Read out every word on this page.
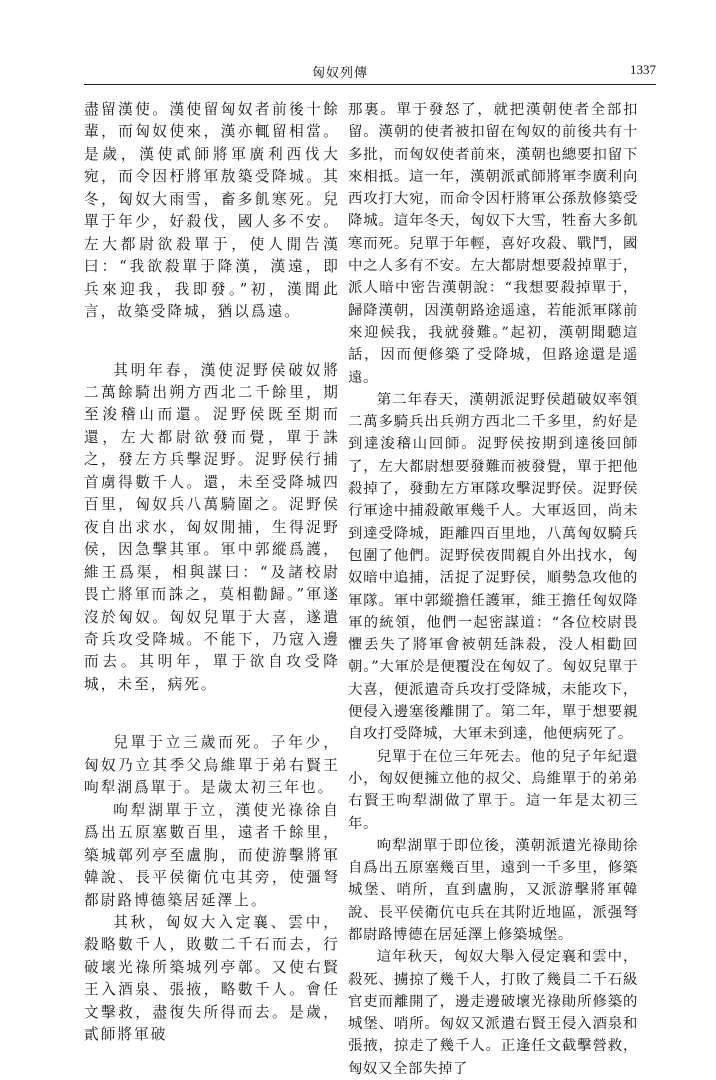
匈奴列傳	1337

盡留漢使。漢使留匈奴者前後十餘輩，而匈奴使來，漢亦輒留相當。是歲，漢使貳師將軍廣利西伐大宛，而令因杅將軍敖築受降城。其冬，匈奴大雨雪，畜多飢寒死。兒單于年少，好殺伐，國人多不安。左大都尉欲殺單于，使人閒告漢曰：“我欲殺單于降漢，漢遠，即兵來迎我，我即發。”初，漢聞此言，故築受降城，猶以爲遠。

其明年春，漢使浞野侯破奴將二萬餘騎出朔方西北二千餘里，期至浚稽山而還。浞野侯既至期而還，左大都尉欲發而覺，單于誅之，發左方兵擊浞野。浞野侯行捕首虜得數千人。還，未至受降城四百里，匈奴兵八萬騎圍之。浞野侯夜自出求水，匈奴閒捕，生得浞野侯，因急擊其軍。軍中郭縱爲護，維王爲渠，相與謀曰：“及諸校尉畏亡將軍而誅之，莫相勸歸。”軍遂沒於匈奴。匈奴兒單于大喜，遂遣奇兵攻受降城。不能下，乃寇入邊而去。其明年，單于欲自攻受降城，未至，病死。

兒單于立三歲而死。子年少，匈奴乃立其季父烏維單于弟右賢王呴犁湖爲單于。是歲太初三年也。

呴犁湖單于立，漢使光祿徐自爲出五原塞數百里，遠者千餘里，築城鄣列亭至盧朐，而使游擊將軍韓說、長平侯衛伉屯其旁，使彊弩都尉路博德築居延澤上。

其秋，匈奴大入定襄、雲中，殺略數千人，敗數二千石而去，行破壞光祿所築城列亭鄣。又使右賢王入酒泉、張掖，略數千人。會任文擊救，盡復失所得而去。是歲，貳師將軍破

那裏。單于發怒了，就把漢朝使者全部扣留。漢朝的使者被扣留在匈奴的前後共有十多批，而匈奴使者前來，漢朝也總要扣留下來相抵。這一年，漢朝派貳師將軍李廣利向西攻打大宛，而命令因杅將軍公孫敖修築受降城。這年冬天，匈奴下大雪，牲畜大多飢寒而死。兒單于年輕，喜好攻殺、戰鬥，國中之人多有不安。左大都尉想要殺掉單于，派人暗中密告漢朝說：“我想要殺掉單于，歸降漢朝，因漢朝路途遥遠，若能派軍隊前來迎候我，我就發難。”起初，漢朝聞聽這話，因而便修築了受降城，但路途還是遥遠。

第二年春天，漢朝派浞野侯趙破奴率領二萬多騎兵出兵朔方西北二千多里，約好是到達浚稽山回師。浞野侯按期到達後回師了，左大都尉想要發難而被發覺，單于把他殺掉了，發動左方軍隊攻擊浞野侯。浞野侯行軍途中捕殺敵軍幾千人。大軍返回，尚未到達受降城，距離四百里地，八萬匈奴騎兵包圍了他們。浞野侯夜間親自外出找水，匈奴暗中追捕，活捉了浞野侯，順勢急攻他的軍隊。軍中郭縱擔任護軍，維王擔任匈奴降軍的統領，他們一起密謀道：“各位校尉畏懼丢失了將軍會被朝廷誅殺，没人相勸回朝。”大軍於是便覆没在匈奴了。匈奴兒單于大喜，便派遣奇兵攻打受降城，未能攻下，便侵入邊塞後離開了。第二年，單于想要親自攻打受降城，大軍未到達，他便病死了。

兒單于在位三年死去。他的兒子年紀還小，匈奴便擁立他的叔父、烏維單于的弟弟右賢王呴犁湖做了單于。這一年是太初三年。

呴犁湖單于即位後，漢朝派遣光祿勛徐自爲出五原塞幾百里，遠到一千多里，修築城堡、哨所，直到盧朐，又派游擊將軍韓說、長平侯衛伉屯兵在其附近地區，派强弩都尉路博德在居延澤上修築城堡。

這年秋天，匈奴大舉入侵定襄和雲中，殺死、擄掠了幾千人，打敗了幾員二千石級官吏而離開了，邊走邊破壞光祿勛所修築的城堡、哨所。匈奴又派遣右賢王侵入酒泉和張掖，掠走了幾千人。正逢任文截擊營救，匈奴又全部失掉了
